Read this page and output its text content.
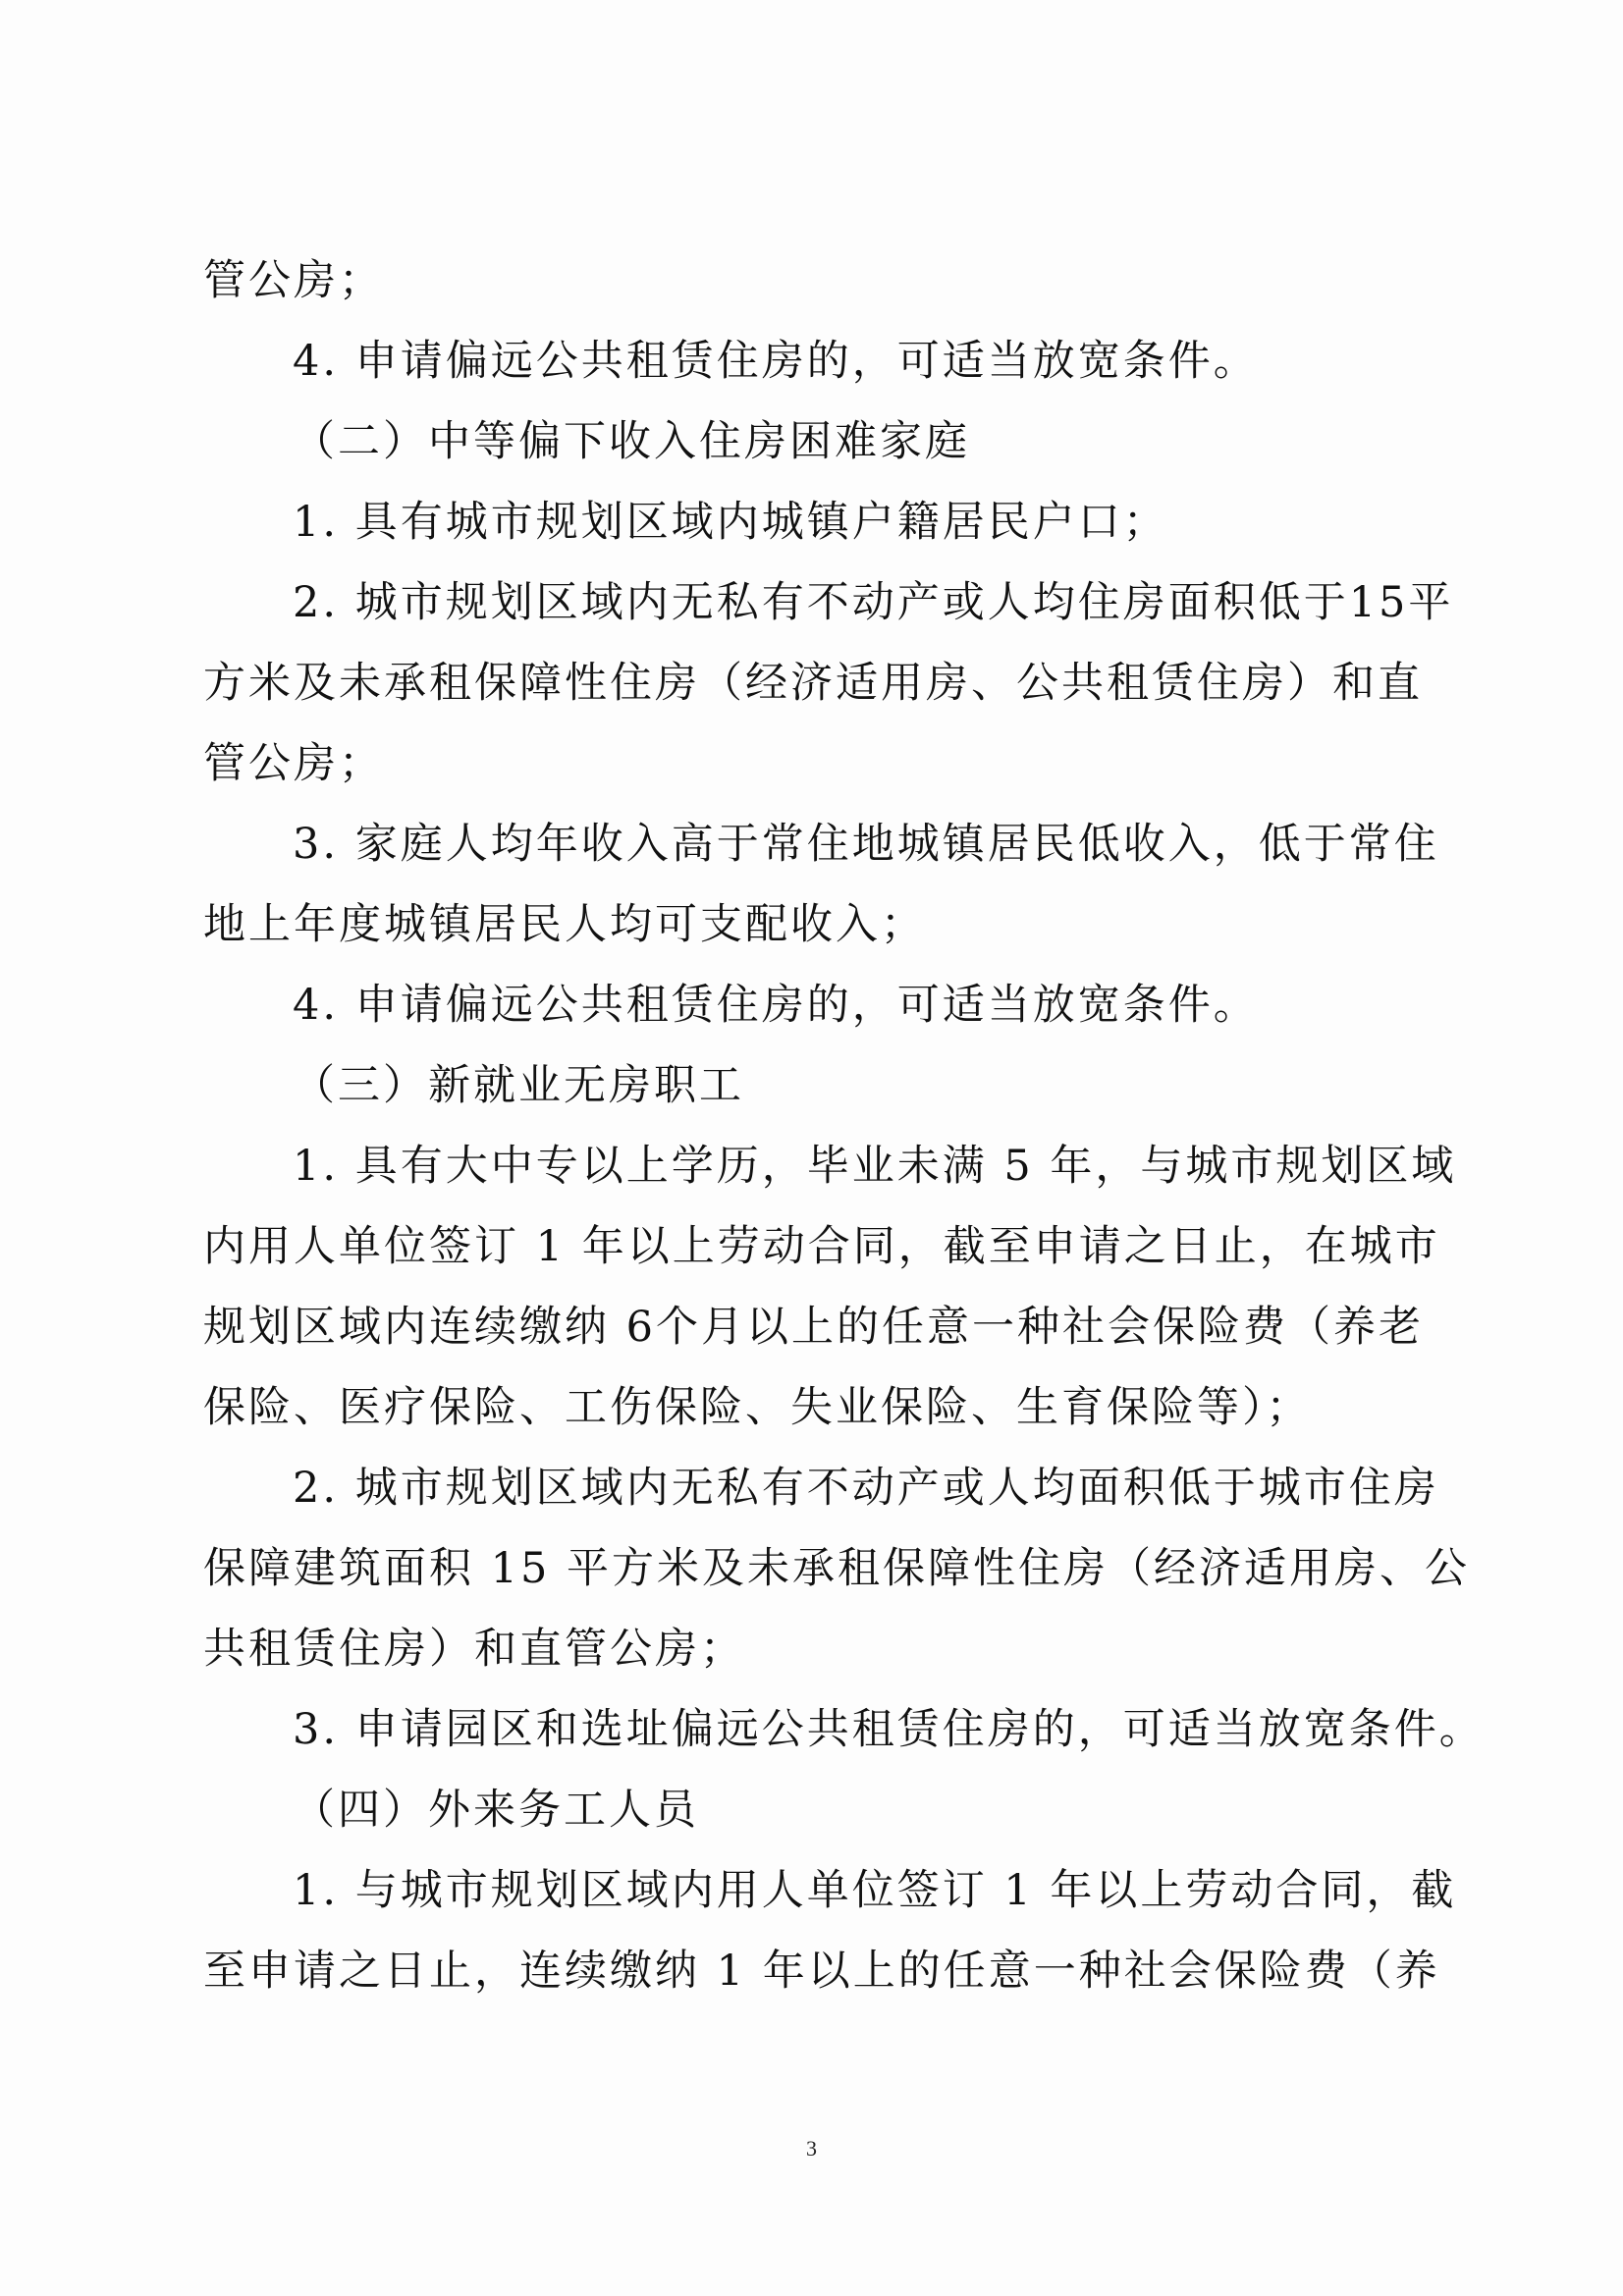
管公房；
4. 申请偏远公共租赁住房的，可适当放宽条件。
（二）中等偏下收入住房困难家庭
1. 具有城市规划区域内城镇户籍居民户口；
2. 城市规划区域内无私有不动产或人均住房面积低于15平
方米及未承租保障性住房（经济适用房、公共租赁住房）和直
管公房；
3. 家庭人均年收入高于常住地城镇居民低收入，低于常住
地上年度城镇居民人均可支配收入；
4. 申请偏远公共租赁住房的，可适当放宽条件。
（三）新就业无房职工
1. 具有大中专以上学历，毕业未满 5 年，与城市规划区域
内用人单位签订 1 年以上劳动合同，截至申请之日止，在城市
规划区域内连续缴纳 6个月以上的任意一种社会保险费（养老
保险、医疗保险、工伤保险、失业保险、生育保险等）；
2. 城市规划区域内无私有不动产或人均面积低于城市住房
保障建筑面积 15 平方米及未承租保障性住房（经济适用房、公
共租赁住房）和直管公房；
3. 申请园区和选址偏远公共租赁住房的，可适当放宽条件。
（四）外来务工人员
1. 与城市规划区域内用人单位签订 1 年以上劳动合同，截
至申请之日止，连续缴纳 1 年以上的任意一种社会保险费（养
3
